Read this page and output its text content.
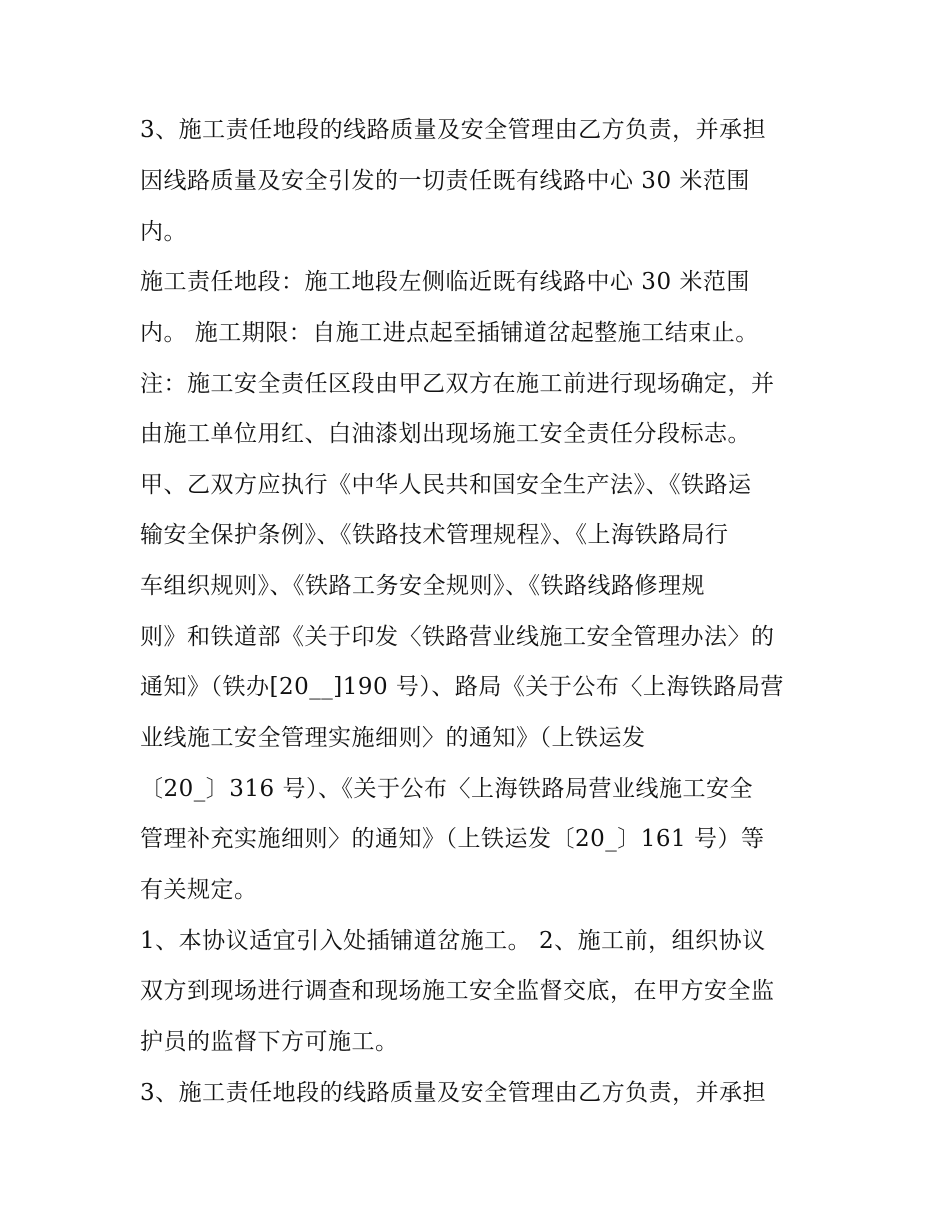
3、施工责任地段的线路质量及安全管理由乙方负责，并承担
因线路质量及安全引发的一切责任既有线路中心 30 米范围
内。
施工责任地段：施工地段左侧临近既有线路中心 30 米范围
内。 施工期限：自施工进点起至插铺道岔起整施工结束止。
注：施工安全责任区段由甲乙双方在施工前进行现场确定，并
由施工单位用红、白油漆划出现场施工安全责任分段标志。
甲、乙双方应执行《中华人民共和国安全生产法》、《铁路运
输安全保护条例》、《铁路技术管理规程》、《上海铁路局行
车组织规则》、《铁路工务安全规则》、《铁路线路修理规
则》和铁道部《关于印发〈铁路营业线施工安全管理办法〉的
通知》（铁办[20__]190 号）、路局《关于公布〈上海铁路局营
业线施工安全管理实施细则〉的通知》（上铁运发
〔20_〕316 号）、《关于公布〈上海铁路局营业线施工安全
管理补充实施细则〉的通知》（上铁运发〔20_〕161 号）等
有关规定。
1、本协议适宜引入处插铺道岔施工。 2、施工前，组织协议
双方到现场进行调查和现场施工安全监督交底，在甲方安全监
护员的监督下方可施工。
3、施工责任地段的线路质量及安全管理由乙方负责，并承担
